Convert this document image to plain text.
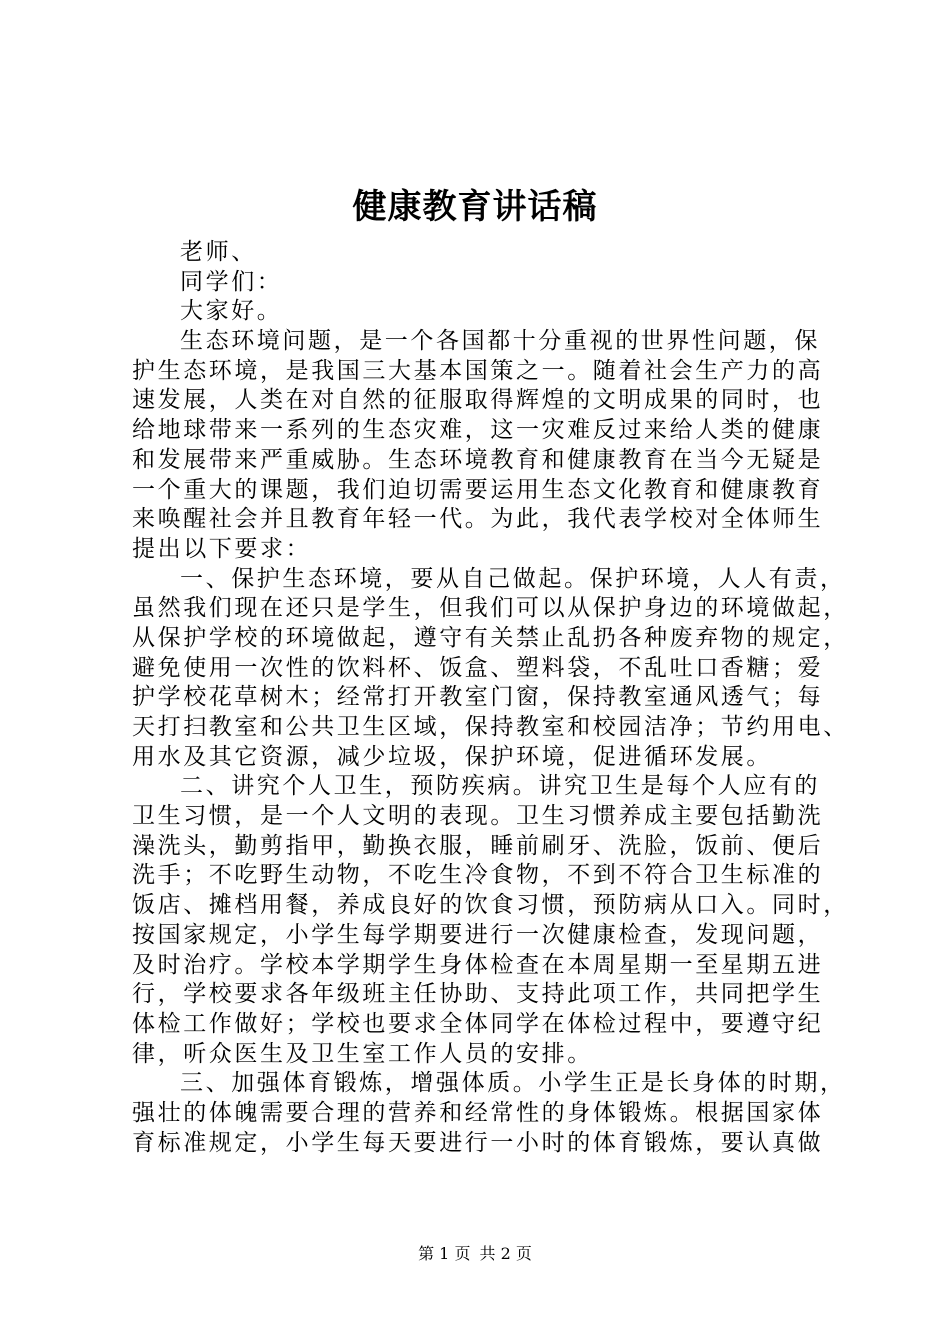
健康教育讲话稿
老师、
同学们：
大家好。
生态环境问题，是一个各国都十分重视的世界性问题，保
护生态环境，是我国三大基本国策之一。随着社会生产力的高
速发展，人类在对自然的征服取得辉煌的文明成果的同时，也
给地球带来一系列的生态灾难，这一灾难反过来给人类的健康
和发展带来严重威胁。生态环境教育和健康教育在当今无疑是
一个重大的课题，我们迫切需要运用生态文化教育和健康教育
来唤醒社会并且教育年轻一代。为此，我代表学校对全体师生
提出以下要求：
一、保护生态环境，要从自己做起。保护环境，人人有责，
虽然我们现在还只是学生，但我们可以从保护身边的环境做起，
从保护学校的环境做起，遵守有关禁止乱扔各种废弃物的规定，
避免使用一次性的饮料杯、饭盒、塑料袋，不乱吐口香糖；爱
护学校花草树木；经常打开教室门窗，保持教室通风透气；每
天打扫教室和公共卫生区域，保持教室和校园洁净；节约用电、
用水及其它资源，减少垃圾，保护环境，促进循环发展。
二、讲究个人卫生，预防疾病。讲究卫生是每个人应有的
卫生习惯，是一个人文明的表现。卫生习惯养成主要包括勤洗
澡洗头，勤剪指甲，勤换衣服，睡前刷牙、洗脸，饭前、便后
洗手；不吃野生动物，不吃生冷食物，不到不符合卫生标准的
饭店、摊档用餐，养成良好的饮食习惯，预防病从口入。同时，
按国家规定，小学生每学期要进行一次健康检查，发现问题，
及时治疗。学校本学期学生身体检查在本周星期一至星期五进
行，学校要求各年级班主任协助、支持此项工作，共同把学生
体检工作做好；学校也要求全体同学在体检过程中，要遵守纪
律，听众医生及卫生室工作人员的安排。
三、加强体育锻炼，增强体质。小学生正是长身体的时期，
强壮的体魄需要合理的营养和经常性的身体锻炼。根据国家体
育标准规定，小学生每天要进行一小时的体育锻炼，要认真做
第 1 页 共 2 页
